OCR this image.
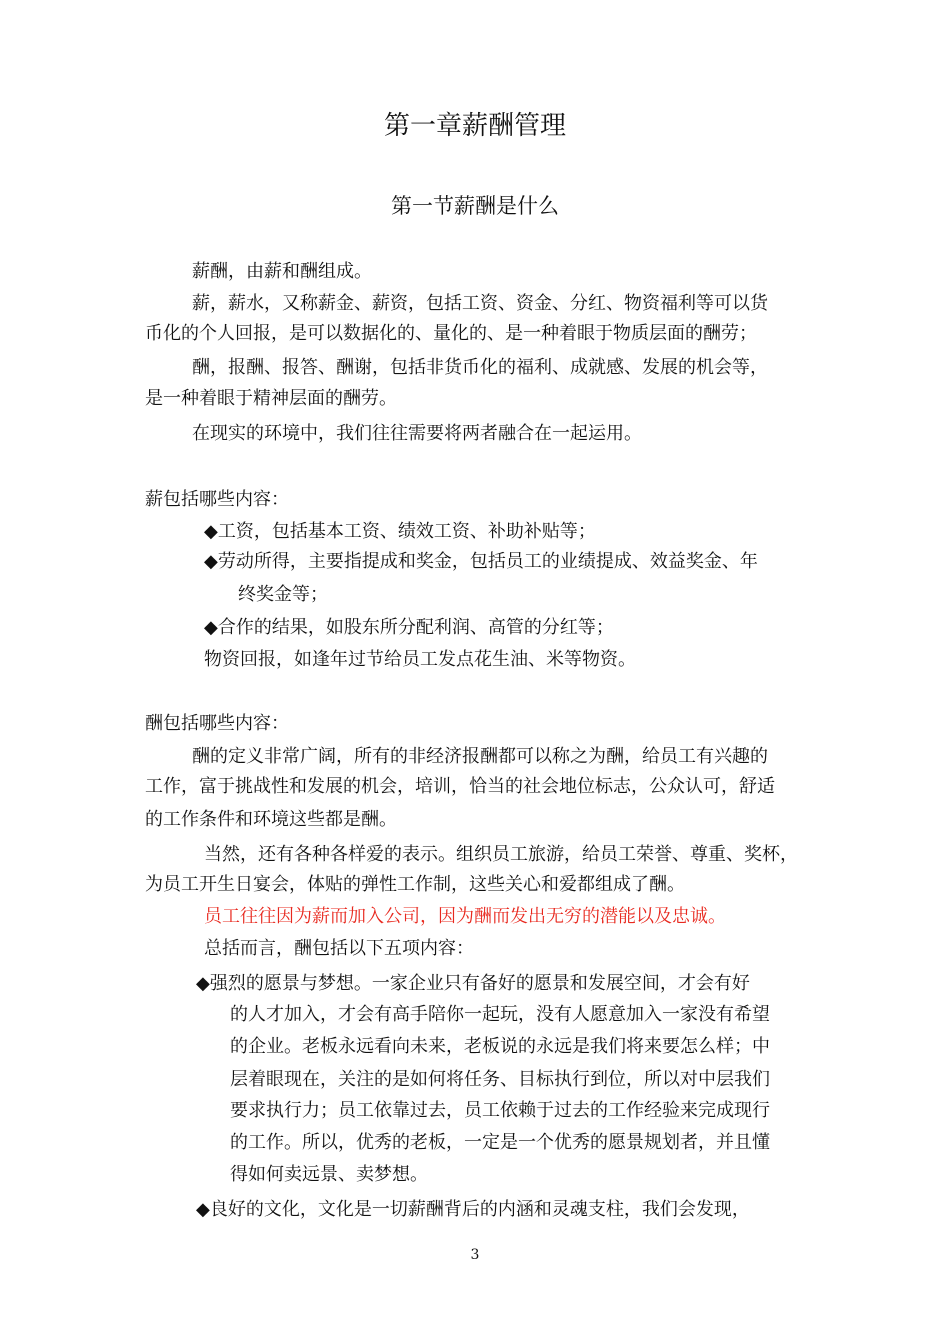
第一章薪酬管理
第一节薪酬是什么
薪酬，由薪和酬组成。
薪，薪水，又称薪金、薪资，包括工资、资金、分红、物资福利等可以货
币化的个人回报，是可以数据化的、量化的、是一种着眼于物质层面的酬劳；
酬，报酬、报答、酬谢，包括非货币化的福利、成就感、发展的机会等，
是一种着眼于精神层面的酬劳。
在现实的环境中，我们往往需要将两者融合在一起运用。
薪包括哪些内容：
◆工资，包括基本工资、绩效工资、补助补贴等；
◆劳动所得，主要指提成和奖金，包括员工的业绩提成、效益奖金、年
终奖金等；
◆合作的结果，如股东所分配利润、高管的分红等；
物资回报，如逢年过节给员工发点花生油、米等物资。
酬包括哪些内容：
酬的定义非常广阔，所有的非经济报酬都可以称之为酬，给员工有兴趣的
工作，富于挑战性和发展的机会，培训，恰当的社会地位标志，公众认可，舒适
的工作条件和环境这些都是酬。
当然，还有各种各样爱的表示。组织员工旅游，给员工荣誉、尊重、奖杯，
为员工开生日宴会，体贴的弹性工作制，这些关心和爱都组成了酬。
员工往往因为薪而加入公司，因为酬而发出无穷的潜能以及忠诚。
总括而言，酬包括以下五项内容：
◆强烈的愿景与梦想。一家企业只有备好的愿景和发展空间，才会有好
的人才加入，才会有高手陪你一起玩，没有人愿意加入一家没有希望
的企业。老板永远看向未来，老板说的永远是我们将来要怎么样；中
层着眼现在，关注的是如何将任务、目标执行到位，所以对中层我们
要求执行力；员工依靠过去，员工依赖于过去的工作经验来完成现行
的工作。所以，优秀的老板，一定是一个优秀的愿景规划者，并且懂
得如何卖远景、卖梦想。
◆良好的文化，文化是一切薪酬背后的内涵和灵魂支柱，我们会发现，
3
